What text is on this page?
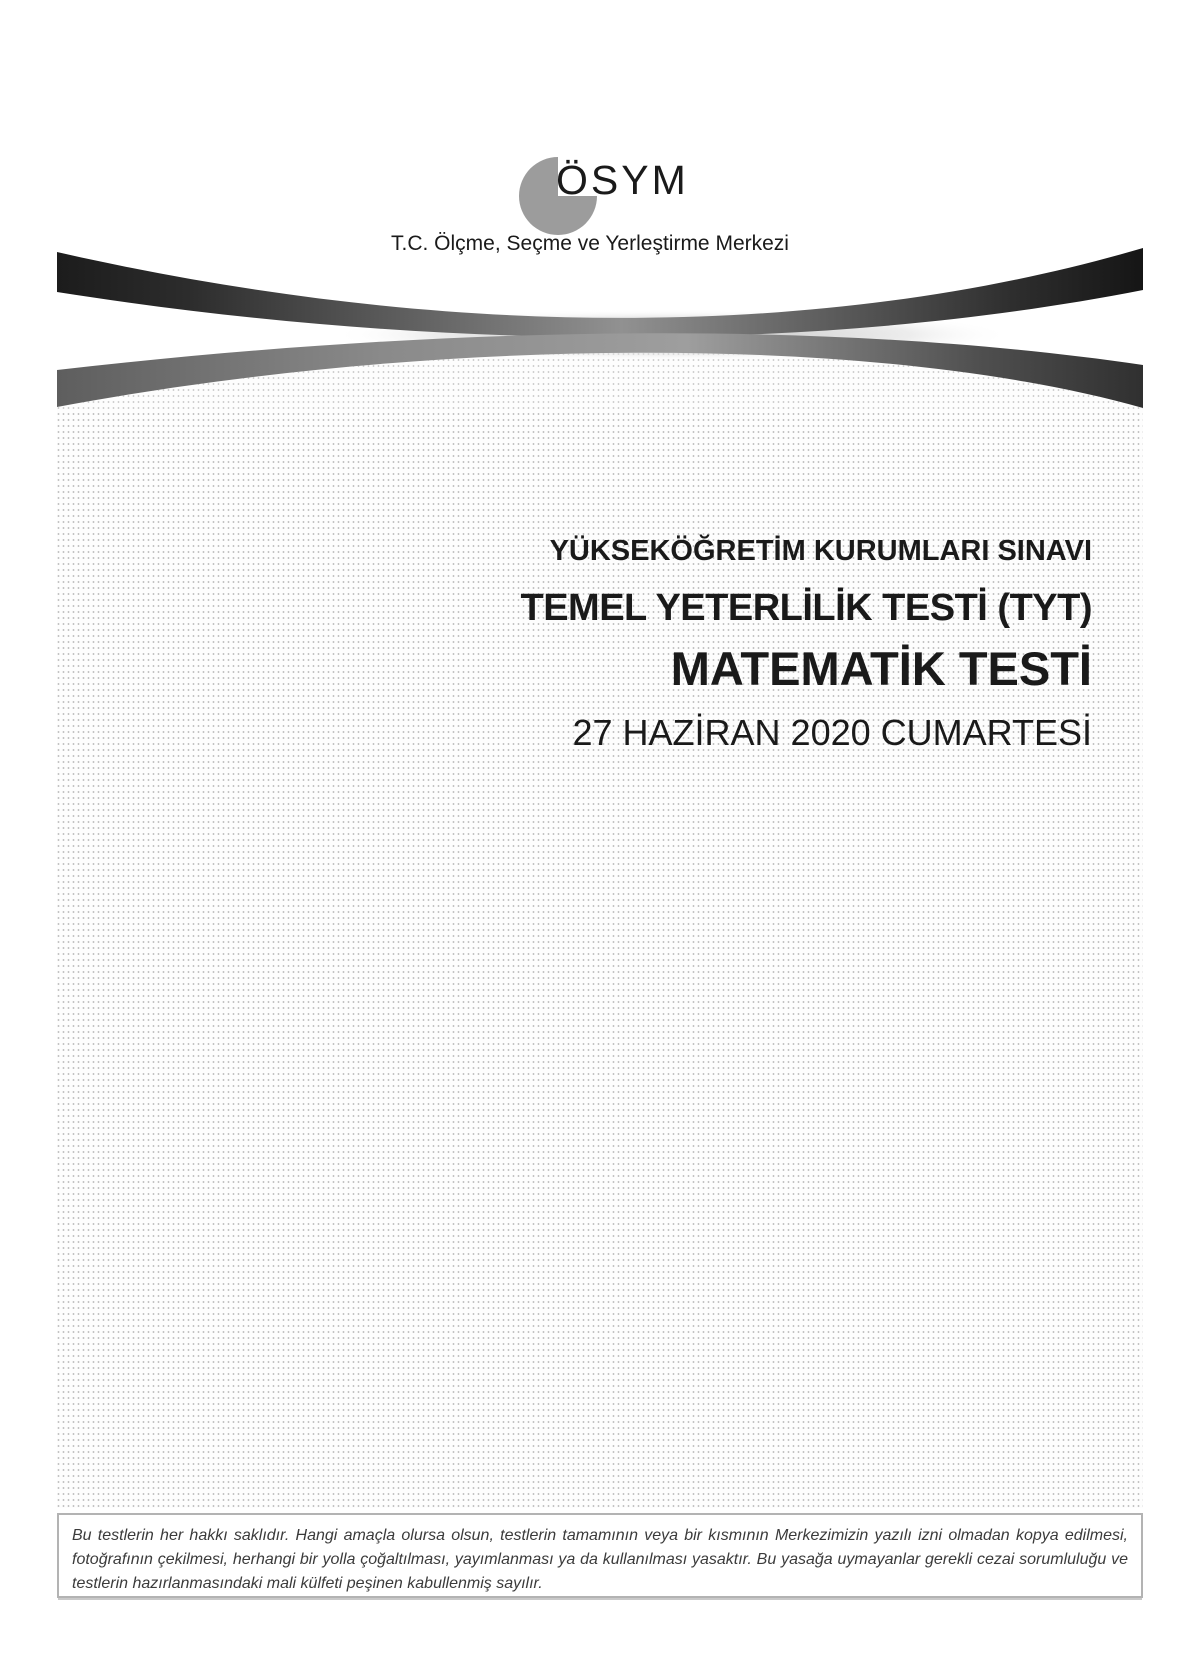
ÖSYM
T.C. Ölçme, Seçme ve Yerleştirme Merkezi
YÜKSEKÖĞRETİM KURUMLARI SINAVI
TEMEL YETERLİLİK TESTİ (TYT)
MATEMATİK TESTİ
27 HAZİRAN 2020 CUMARTESİ
Bu testlerin her hakkı saklıdır. Hangi amaçla olursa olsun, testlerin tamamının veya bir kısmının Merkezimizin yazılı izni olmadan kopya edilmesi, fotoğrafının çekilmesi, herhangi bir yolla çoğaltılması, yayımlanması ya da kullanılması yasaktır. Bu yasağa uymayanlar gerekli cezai sorumluluğu ve testlerin hazırlanmasındaki mali külfeti peşinen kabullenmiş sayılır.
